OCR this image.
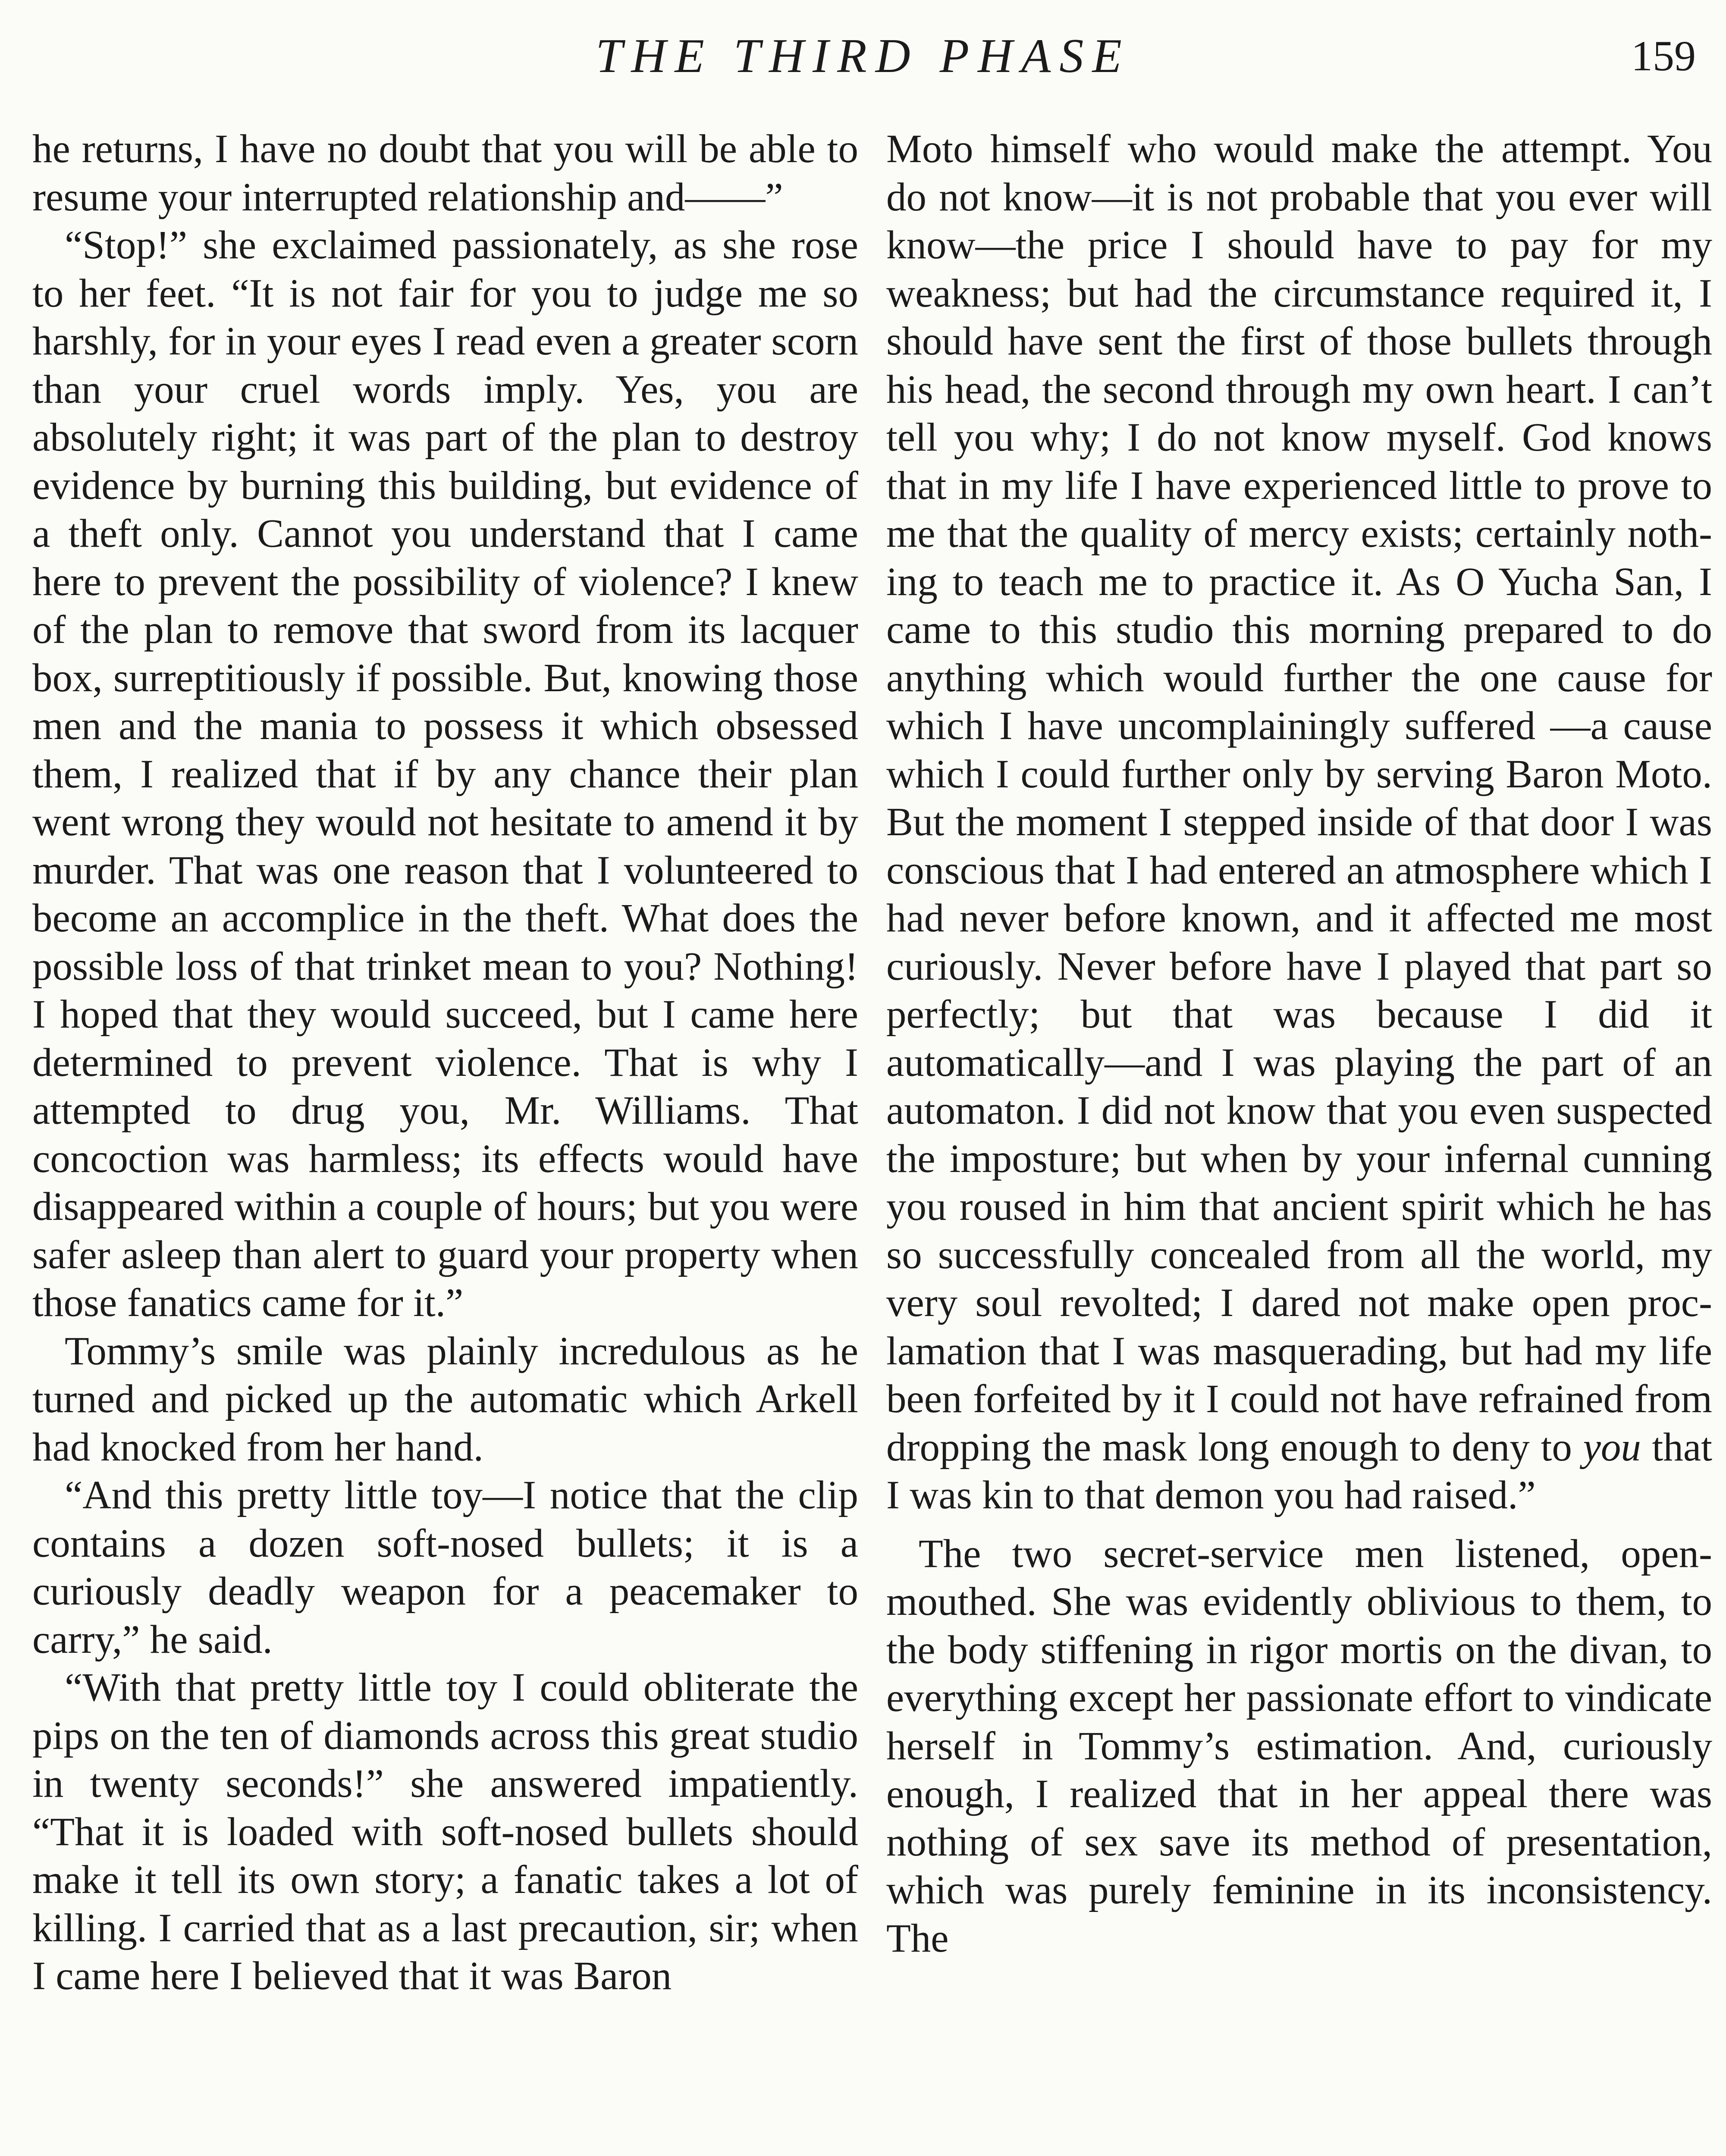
THE THIRD PHASE	159

he returns, I have no doubt that you will be able to resume your interrupted relationship and——”

“Stop!” she exclaimed passionately, as she rose to her feet. “It is not fair for you to judge me so harshly, for in your eyes I read even a greater scorn than your cruel words imply. Yes, you are absolutely right; it was part of the plan to destroy evidence by burning this building, but evidence of a theft only. Cannot you understand that I came here to prevent the possibility of violence? I knew of the plan to remove that sword from its lacquer box, surreptitiously if possible. But, knowing those men and the mania to possess it which obsessed them, I realized that if by any chance their plan went wrong they would not hesitate to amend it by murder. That was one reason that I volunteered to become an accomplice in the theft. What does the possible loss of that trinket mean to you? Nothing! I hoped that they would succeed, but I came here determined to prevent violence. That is why I attempted to drug you, Mr. Williams. That concoction was harmless; its effects would have disappeared within a couple of hours; but you were safer asleep than alert to guard your property when those fanatics came for it.”

Tommy’s smile was plainly incredulous as he turned and picked up the automatic which Arkell had knocked from her hand.

“And this pretty little toy—I notice that the clip contains a dozen soft-nosed bullets; it is a curiously deadly weapon for a peacemaker to carry,” he said.

“With that pretty little toy I could obliterate the pips on the ten of diamonds across this great studio in twenty seconds!” she answered impatiently. “That it is loaded with soft-nosed bullets should make it tell its own story; a fanatic takes a lot of killing. I carried that as a last precaution, sir; when I came here I believed that it was Baron

Moto himself who would make the attempt. You do not know—it is not probable that you ever will know—the price I should have to pay for my weakness; but had the circumstance required it, I should have sent the first of those bullets through his head, the second through my own heart. I can’t tell you why; I do not know myself. God knows that in my life I have experienced little to prove to me that the quality of mercy exists; certainly nothing to teach me to practice it. As O Yucha San, I came to this studio this morning prepared to do anything which would further the one cause for which I have uncomplainingly suffered —a cause which I could further only by serving Baron Moto. But the moment I stepped inside of that door I was conscious that I had entered an atmosphere which I had never before known, and it affected me most curiously. Never before have I played that part so perfectly; but that was because I did it automatically—and I was playing the part of an automaton. I did not know that you even suspected the imposture; but when by your infernal cunning you roused in him that ancient spirit which he has so successfully concealed from all the world, my very soul revolted; I dared not make open proclamation that I was masquerading, but had my life been forfeited by it I could not have refrained from dropping the mask long enough to deny to you that I was kin to that demon you had raised.”

The two secret-service men listened, open-mouthed. She was evidently oblivious to them, to the body stiffening in rigor mortis on the divan, to everything except her passionate effort to vindicate herself in Tommy’s estimation. And, curiously enough, I realized that in her appeal there was nothing of sex save its method of presentation, which was purely feminine in its inconsistency. The
